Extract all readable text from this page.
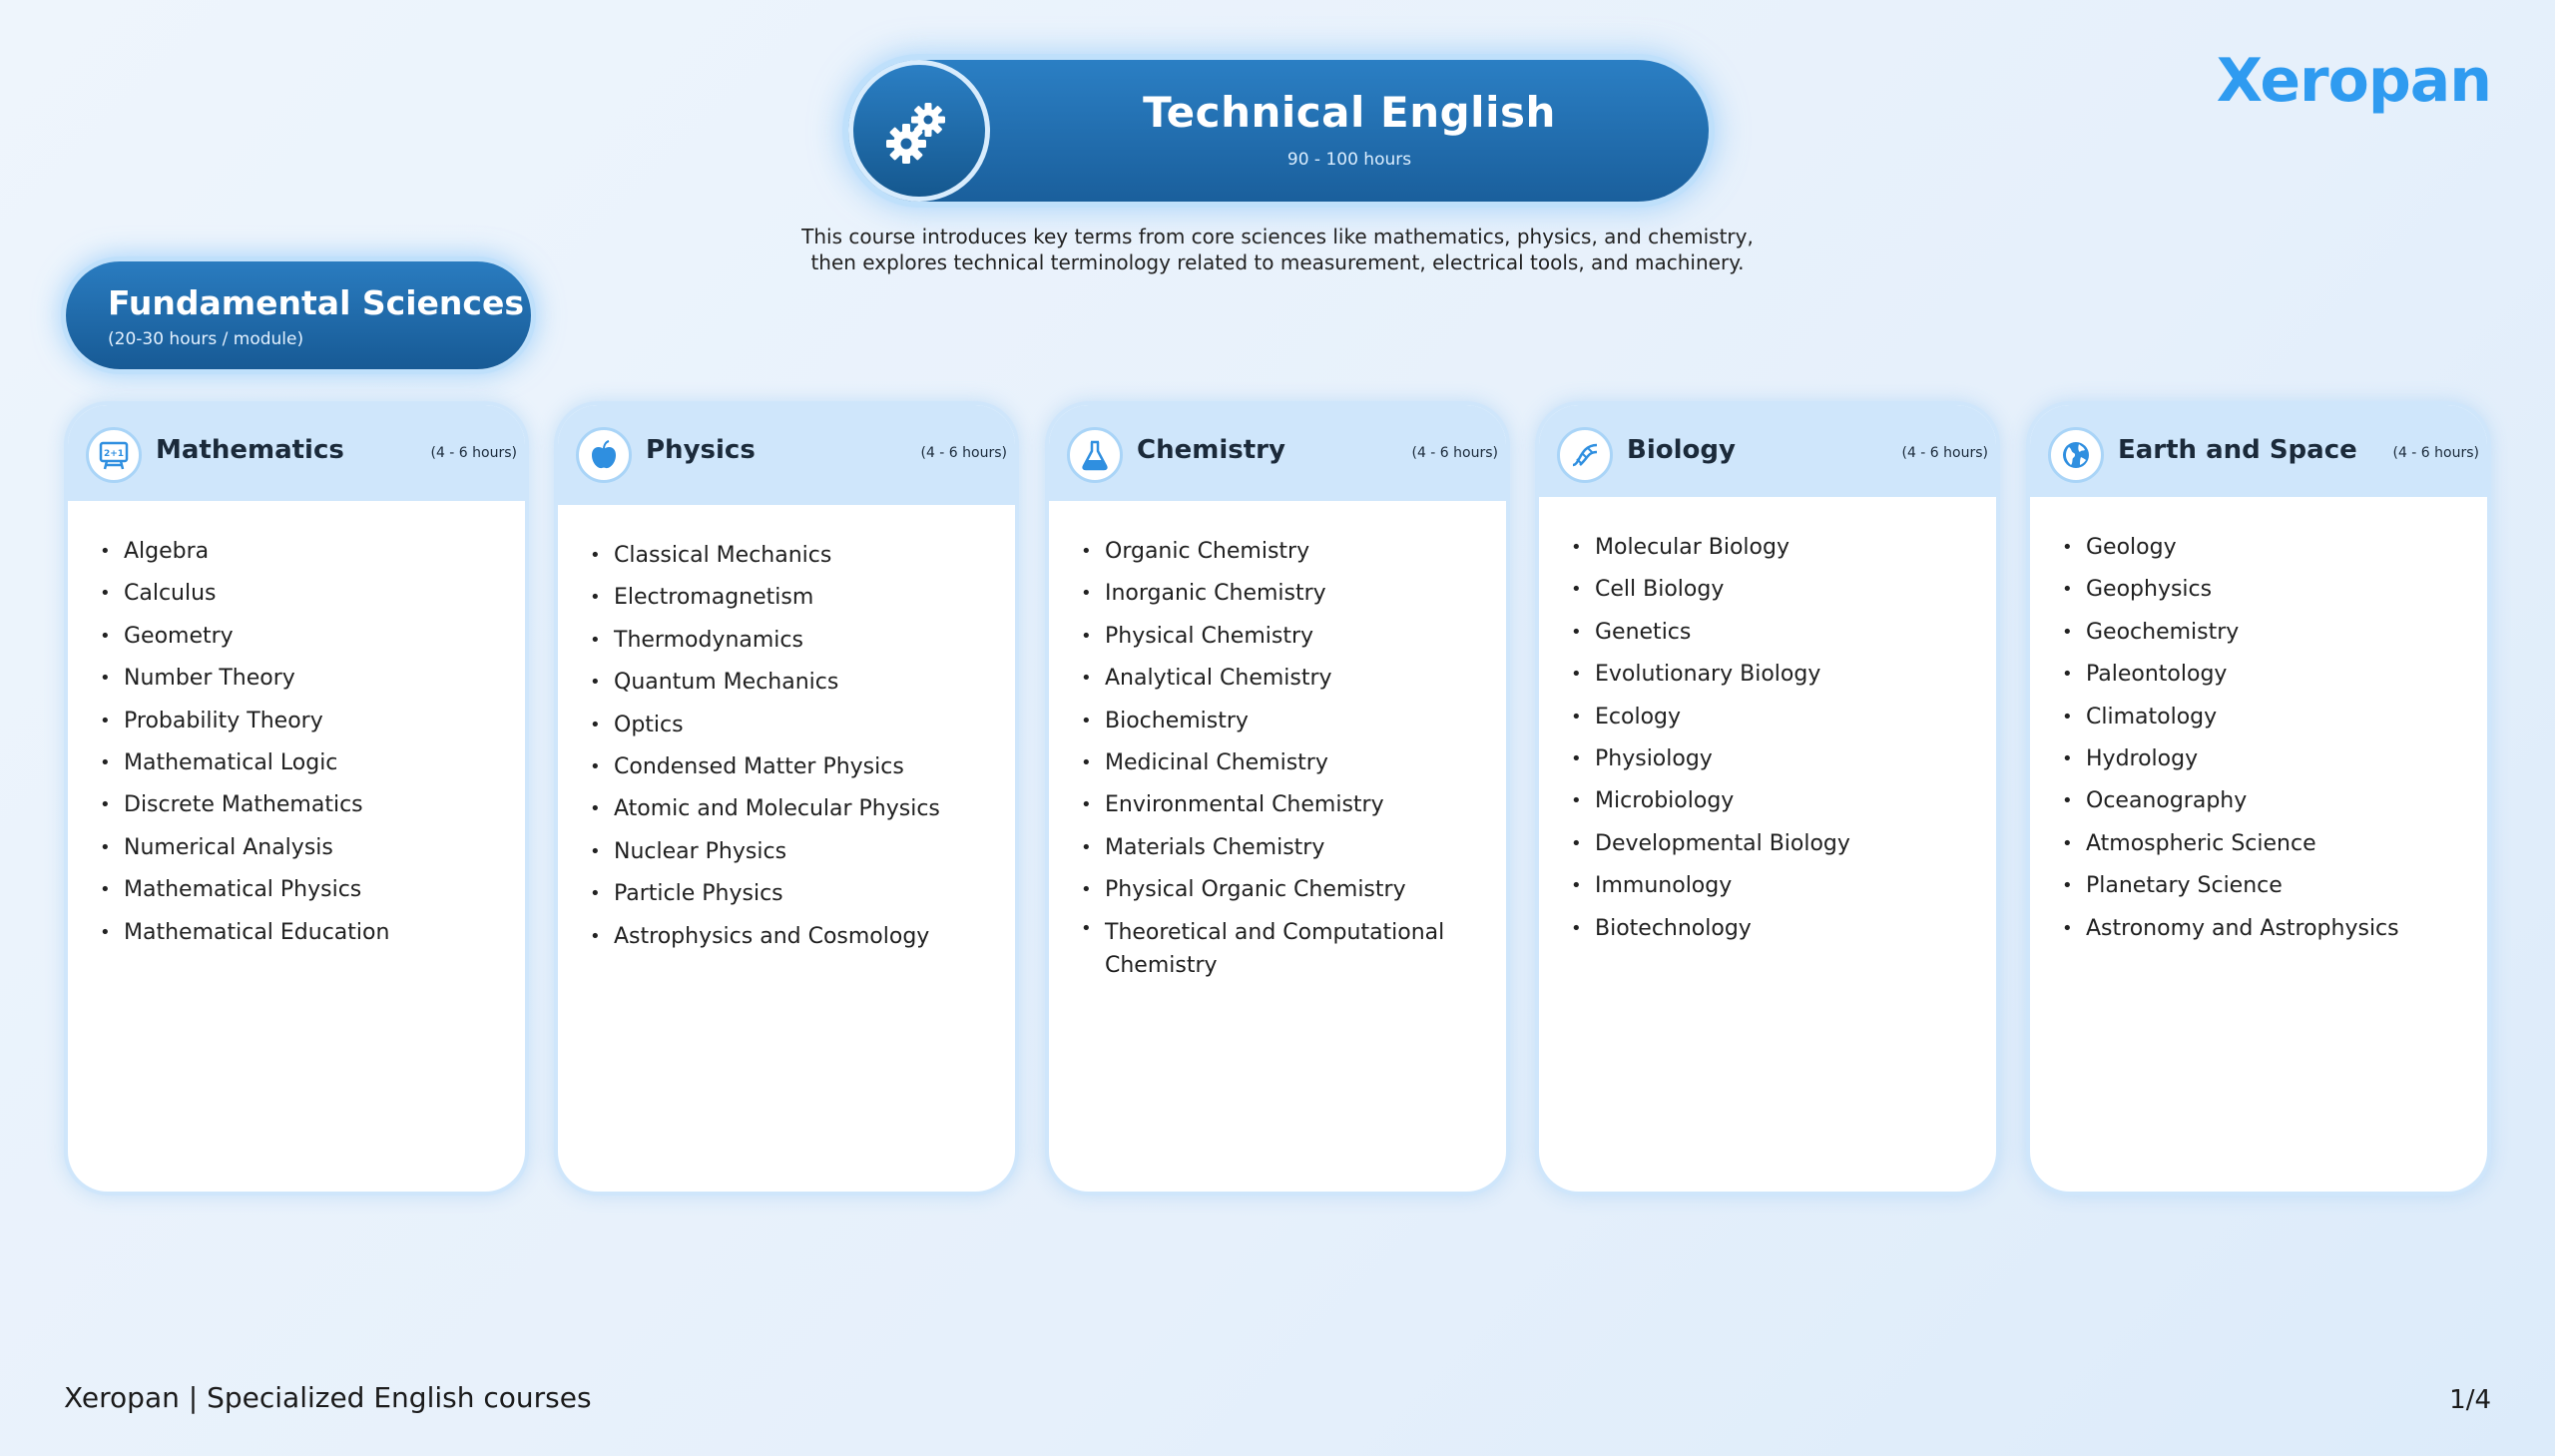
Technical English
90 - 100 hours
Xeropan
This course introduces key terms from core sciences like mathematics, physics, and chemistry,
then explores technical terminology related to measurement, electrical tools, and machinery.
Fundamental Sciences
(20-30 hours / module)
2+1 Mathematics	(4 - 6 hours)
• Algebra
• Calculus
• Geometry
• Number Theory
• Probability Theory
• Mathematical Logic
• Discrete Mathematics
• Numerical Analysis
• Mathematical Physics
• Mathematical Education
Physics	(4 - 6 hours)
• Classical Mechanics
• Electromagnetism
• Thermodynamics
• Quantum Mechanics
• Optics
• Condensed Matter Physics
• Atomic and Molecular Physics
• Nuclear Physics
• Particle Physics
• Astrophysics and Cosmology
Chemistry	(4 - 6 hours)
• Organic Chemistry
• Inorganic Chemistry
• Physical Chemistry
• Analytical Chemistry
• Biochemistry
• Medicinal Chemistry
• Environmental Chemistry
• Materials Chemistry
• Physical Organic Chemistry
• Theoretical and Computational Chemistry
Biology	(4 - 6 hours)
• Molecular Biology
• Cell Biology
• Genetics
• Evolutionary Biology
• Ecology
• Physiology
• Microbiology
• Developmental Biology
• Immunology
• Biotechnology
Earth and Space	(4 - 6 hours)
• Geology
• Geophysics
• Geochemistry
• Paleontology
• Climatology
• Hydrology
• Oceanography
• Atmospheric Science
• Planetary Science
• Astronomy and Astrophysics
Xeropan | Specialized English courses	1/4
